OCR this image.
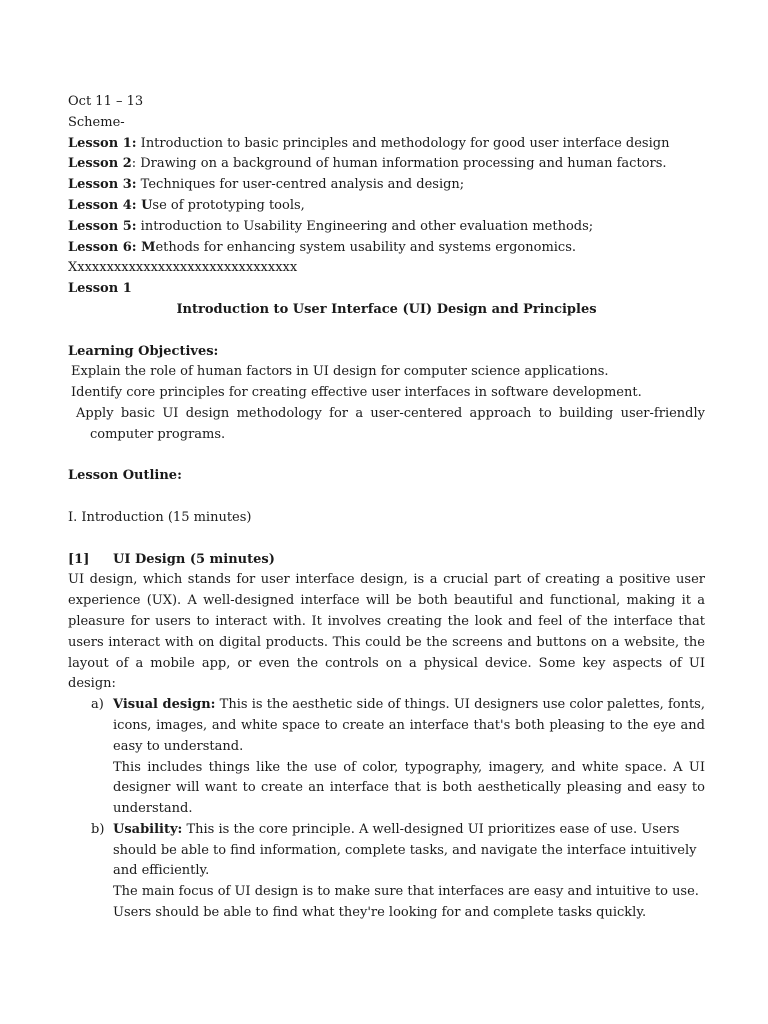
Oct 11 – 13

Scheme-

Lesson 1: Introduction to basic principles and methodology for good user interface design

Lesson 2: Drawing on a background of human information processing and human factors.

Lesson 3: Techniques for user-centred analysis and design;

Lesson 4: Use of prototyping tools,

Lesson 5: introduction to Usability Engineering and other evaluation methods;

Lesson 6: Methods for enhancing system usability and systems ergonomics.

Xxxxxxxxxxxxxxxxxxxxxxxxxxxxxxx

Lesson 1

Introduction to User Interface (UI) Design and Principles

Learning Objectives:

Explain the role of human factors in UI design for computer science applications.

Identify core principles for creating effective user interfaces in software development.

Apply basic UI design methodology for a user-centered approach to building user-friendly computer programs.

Lesson Outline:

I. Introduction (15 minutes)

[1]	UI Design (5 minutes)

UI design, which stands for user interface design, is a crucial part of creating a positive user experience (UX). A well-designed interface will be both beautiful and functional, making it a pleasure for users to interact with. It involves creating the look and feel of the interface that users interact with on digital products. This could be the screens and buttons on a website, the layout of a mobile app, or even the controls on a physical device. Some key aspects of UI design:

a) Visual design: This is the aesthetic side of things. UI designers use color palettes, fonts, icons, images, and white space to create an interface that's both pleasing to the eye and easy to understand.

This includes things like the use of color, typography, imagery, and white space. A UI designer will want to create an interface that is both aesthetically pleasing and easy to understand.

b) Usability: This is the core principle. A well-designed UI prioritizes ease of use. Users should be able to find information, complete tasks, and navigate the interface intuitively and efficiently.

The main focus of UI design is to make sure that interfaces are easy and intuitive to use. Users should be able to find what they're looking for and complete tasks quickly.
